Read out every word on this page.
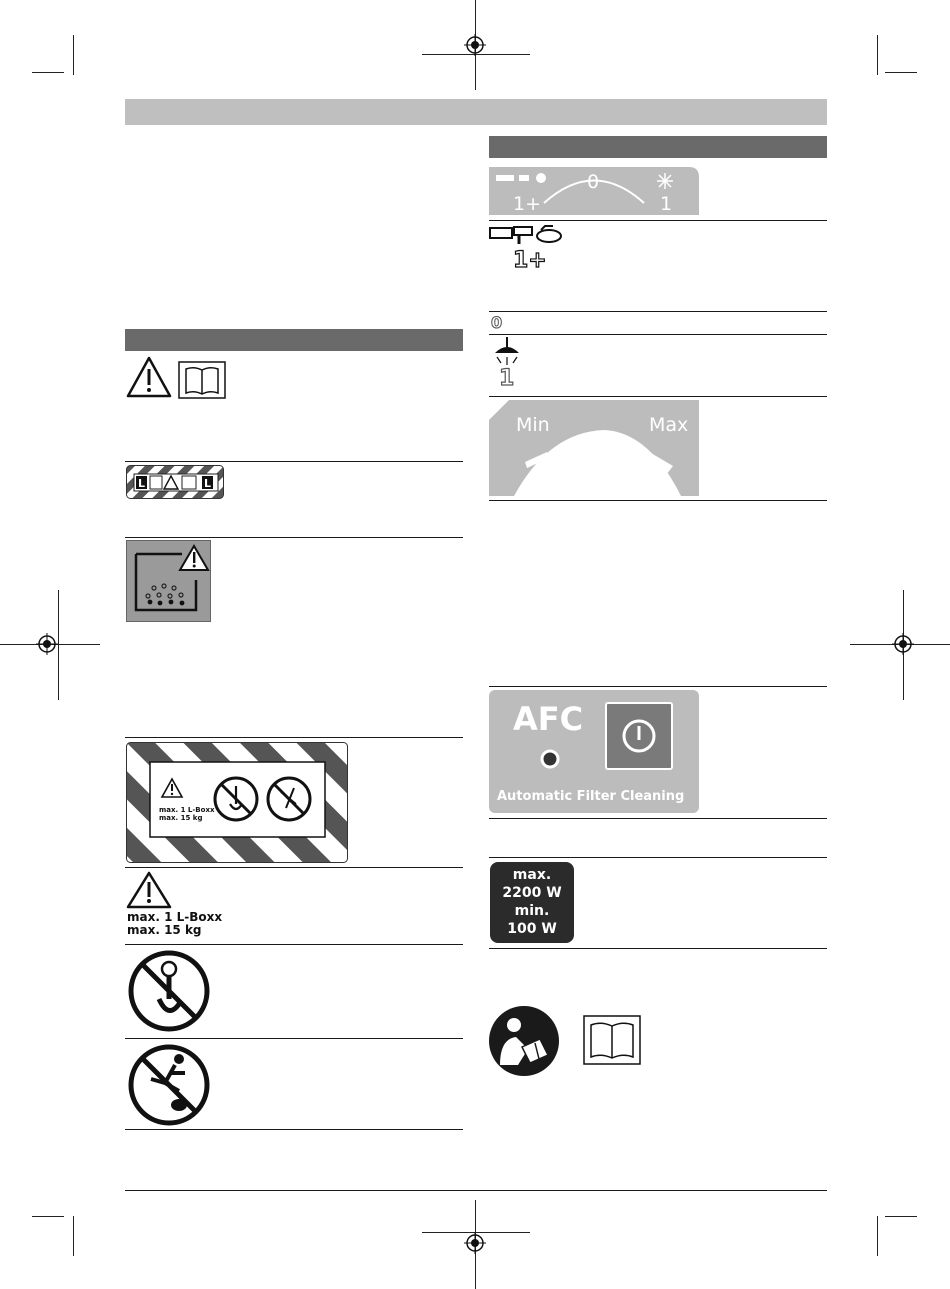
L	L
max. 1 L-Boxx
max. 15 kg
max. 1 L-Boxx
max. 15 kg
1+
0
1
1+
0
1
Min	Max
AFC
Automatic Filter Cleaning
max.
2200 W
min.
100 W
